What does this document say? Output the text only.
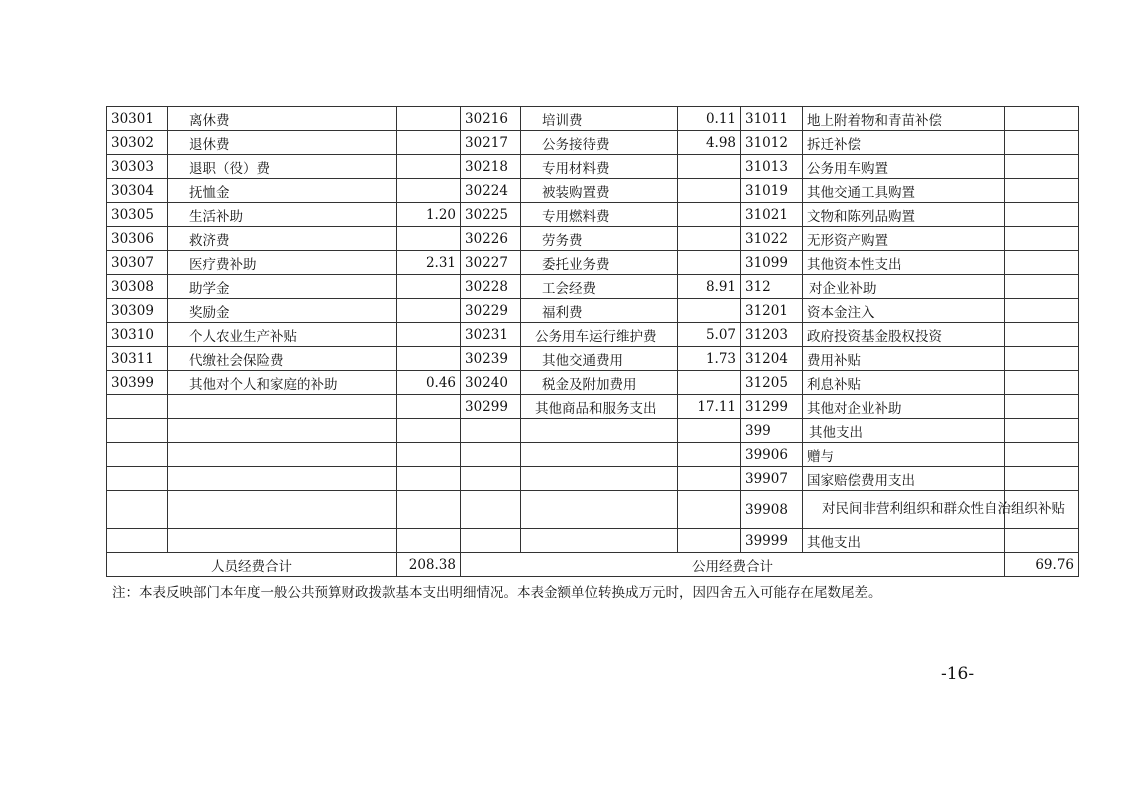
30301	离休费		30216	培训费	0.11	31011	地上附着物和青苗补偿	
30302	退休费		30217	公务接待费	4.98	31012	拆迁补偿	
30303	退职（役）费		30218	专用材料费		31013	公务用车购置	
30304	抚恤金		30224	被装购置费		31019	其他交通工具购置	
30305	生活补助	1.20	30225	专用燃料费		31021	文物和陈列品购置	
30306	救济费		30226	劳务费		31022	无形资产购置	
30307	医疗费补助	2.31	30227	委托业务费		31099	其他资本性支出	
30308	助学金		30228	工会经费	8.91	312	对企业补助	
30309	奖励金		30229	福利费		31201	资本金注入	
30310	个人农业生产补贴		30231	公务用车运行维护费	5.07	31203	政府投资基金股权投资	
30311	代缴社会保险费		30239	其他交通费用	1.73	31204	费用补贴	
30399	其他对个人和家庭的补助	0.46	30240	税金及附加费用		31205	利息补贴	
			30299	其他商品和服务支出	17.11	31299	其他对企业补助	
						399	其他支出	
						39906	赠与	
						39907	国家赔偿费用支出	
						39908	对民间非营利组织和群众性自治组织补贴	
						39999	其他支出	
人员经费合计		208.38	公用经费合计					69.76
注：本表反映部门本年度一般公共预算财政拨款基本支出明细情况。本表金额单位转换成万元时，因四舍五入可能存在尾数尾差。
-16-
